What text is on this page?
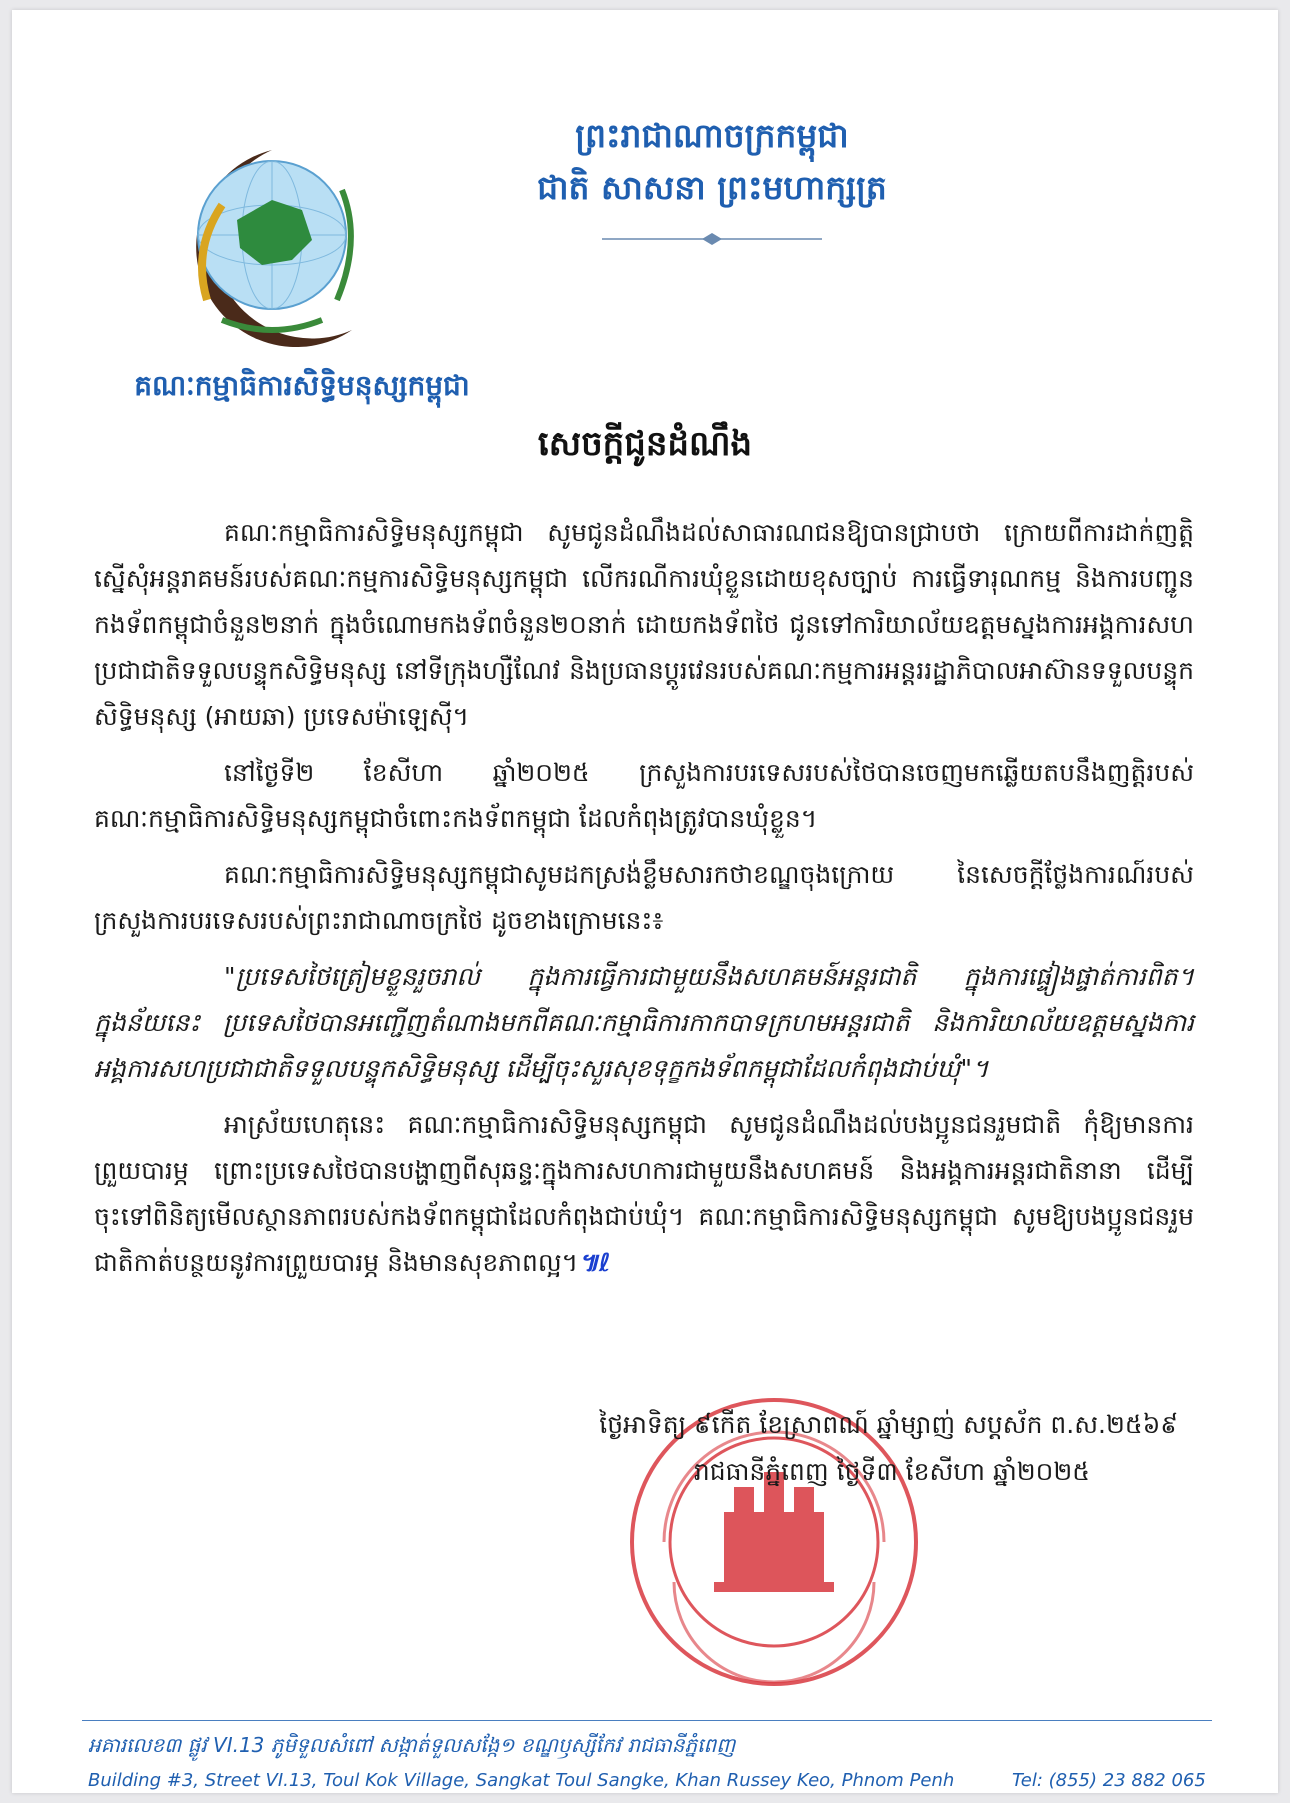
ព្រះរាជាណាចក្រកម្ពុជា
ជាតិ សាសនា ព្រះមហាក្សត្រ
គណៈកម្មាធិការសិទ្ធិមនុស្សកម្ពុជា
សេចក្តីជូនដំណឹង

គណៈកម្មាធិការសិទ្ធិមនុស្សកម្ពុជា សូមជូនដំណឹងដល់សាធារណជនឱ្យបានជ្រាបថា ក្រោយពីការដាក់ញត្តិស្នើសុំអន្តរាគមន៍របស់គណៈកម្មការសិទ្ធិមនុស្សកម្ពុជា លើករណីការឃុំខ្លួនដោយខុសច្បាប់ ការធ្វើទារុណកម្ម និងការបញ្ជូនកងទ័ពកម្ពុជាចំនួន២នាក់ ក្នុងចំណោមកងទ័ពចំនួន២០នាក់ ដោយកងទ័ពថៃ ជូនទៅការិយាល័យឧត្តមស្នងការអង្គការសហប្រជាជាតិទទួលបន្ទុកសិទ្ធិមនុស្ស នៅទីក្រុងហ្សឺណែវ និងប្រធានប្តូរវេនរបស់គណៈកម្មការអន្តររដ្ឋាភិបាលអាស៊ានទទួលបន្ទុកសិទ្ធិមនុស្ស (អាយឆា) ប្រទេសម៉ាឡេស៊ី។

នៅថ្ងៃទី២ ខែសីហា ឆ្នាំ២០២៥ ក្រសួងការបរទេសរបស់ថៃបានចេញមកឆ្លើយតបនឹងញត្តិរបស់គណៈកម្មាធិការសិទ្ធិមនុស្សកម្ពុជាចំពោះកងទ័ពកម្ពុជា ដែលកំពុងត្រូវបានឃុំខ្លួន។

គណៈកម្មាធិការសិទ្ធិមនុស្សកម្ពុជាសូមដកស្រង់ខ្លឹមសារកថាខណ្ឌចុងក្រោយ នៃសេចក្តីថ្លែងការណ៍របស់ក្រសួងការបរទេសរបស់ព្រះរាជាណាចក្រថៃ ដូចខាងក្រោមនេះ៖

"ប្រទេសថៃត្រៀមខ្លួនរួចរាល់ ក្នុងការធ្វើការជាមួយនឹងសហគមន៍អន្តរជាតិ ក្នុងការផ្ទៀងផ្ទាត់ការពិត។ ក្នុងន័យនេះ ប្រទេសថៃបានអញ្ជើញតំណាងមកពីគណៈកម្មាធិការកាកបាទក្រហមអន្តរជាតិ និងការិយាល័យឧត្តមស្នងការអង្គការសហប្រជាជាតិទទួលបន្ទុកសិទ្ធិមនុស្ស ដើម្បីចុះសួរសុខទុក្ខកងទ័ពកម្ពុជាដែលកំពុងជាប់ឃុំ"។

អាស្រ័យហេតុនេះ គណៈកម្មាធិការសិទ្ធិមនុស្សកម្ពុជា សូមជូនដំណឹងដល់បងប្អូនជនរួមជាតិ កុំឱ្យមានការព្រួយបារម្ភ ព្រោះប្រទេសថៃបានបង្ហាញពីសុឆន្ទៈក្នុងការសហការជាមួយនឹងសហគមន៍ និងអង្គការអន្តរជាតិនានា ដើម្បីចុះទៅពិនិត្យមើលស្ថានភាពរបស់កងទ័ពកម្ពុជាដែលកំពុងជាប់ឃុំ។ គណៈកម្មាធិការសិទ្ធិមនុស្សកម្ពុជា សូមឱ្យបងប្អូនជនរួមជាតិកាត់បន្ថយនូវការព្រួយបារម្ភ និងមានសុខភាពល្អ។៕ℓ

ថ្ងៃអាទិត្យ ៩កើត ខែស្រាពណ៍ ឆ្នាំម្សាញ់ សប្តស័ក ព.ស.២៥៦៩
រាជធានីភ្នំពេញ ថ្ងៃទី៣ ខែសីហា ឆ្នាំ២០២៥
អគារលេខ៣ ផ្លូវ VI.13 ភូមិទួលសំពៅ សង្កាត់ទួលសង្កែ១ ខណ្ឌឫស្សីកែវ រាជធានីភ្នំពេញ
Building #3, Street VI.13, Toul Kok Village, Sangkat Toul Sangke, Khan Russey Keo, Phnom Penh	Tel: (855) 23 882 065
